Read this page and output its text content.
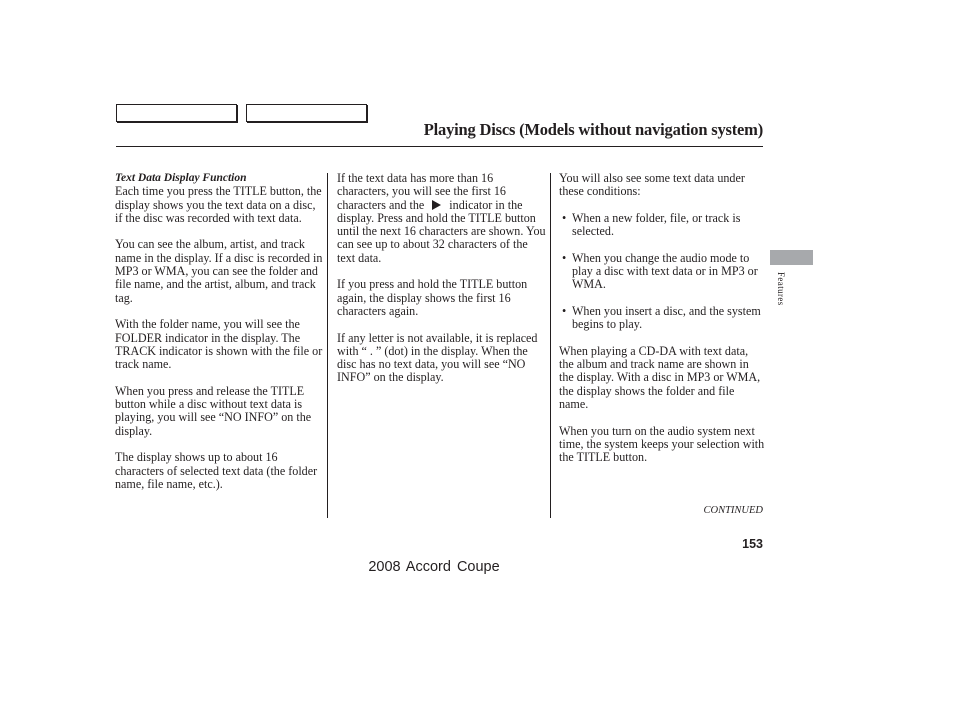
Playing Discs (Models without navigation system)

Text Data Display Function
Each time you press the TITLE button, the display shows you the text data on a disc, if the disc was recorded with text data.

You can see the album, artist, and track name in the display. If a disc is recorded in MP3 or WMA, you can see the folder and file name, and the artist, album, and track tag.

With the folder name, you will see the FOLDER indicator in the display. The TRACK indicator is shown with the file or track name.

When you press and release the TITLE button while a disc without text data is playing, you will see “NO INFO” on the display.

The display shows up to about 16 characters of selected text data (the folder name, file name, etc.).

If the text data has more than 16 characters, you will see the first 16 characters and the indicator in the display. Press and hold the TITLE button until the next 16 characters are shown. You can see up to about 32 characters of the text data.

If you press and hold the TITLE button again, the display shows the first 16 characters again.

If any letter is not available, it is replaced with “ . ” (dot) in the display. When the disc has no text data, you will see “NO INFO” on the display.

You will also see some text data under these conditions:

• When a new folder, file, or track is selected.

• When you change the audio mode to play a disc with text data or in MP3 or WMA.

• When you insert a disc, and the system begins to play.

When playing a CD-DA with text data, the album and track name are shown in the display. With a disc in MP3 or WMA, the display shows the folder and file name.

When you turn on the audio system next time, the system keeps your selection with the TITLE button.

Features
CONTINUED
153
2008 Accord Coupe
